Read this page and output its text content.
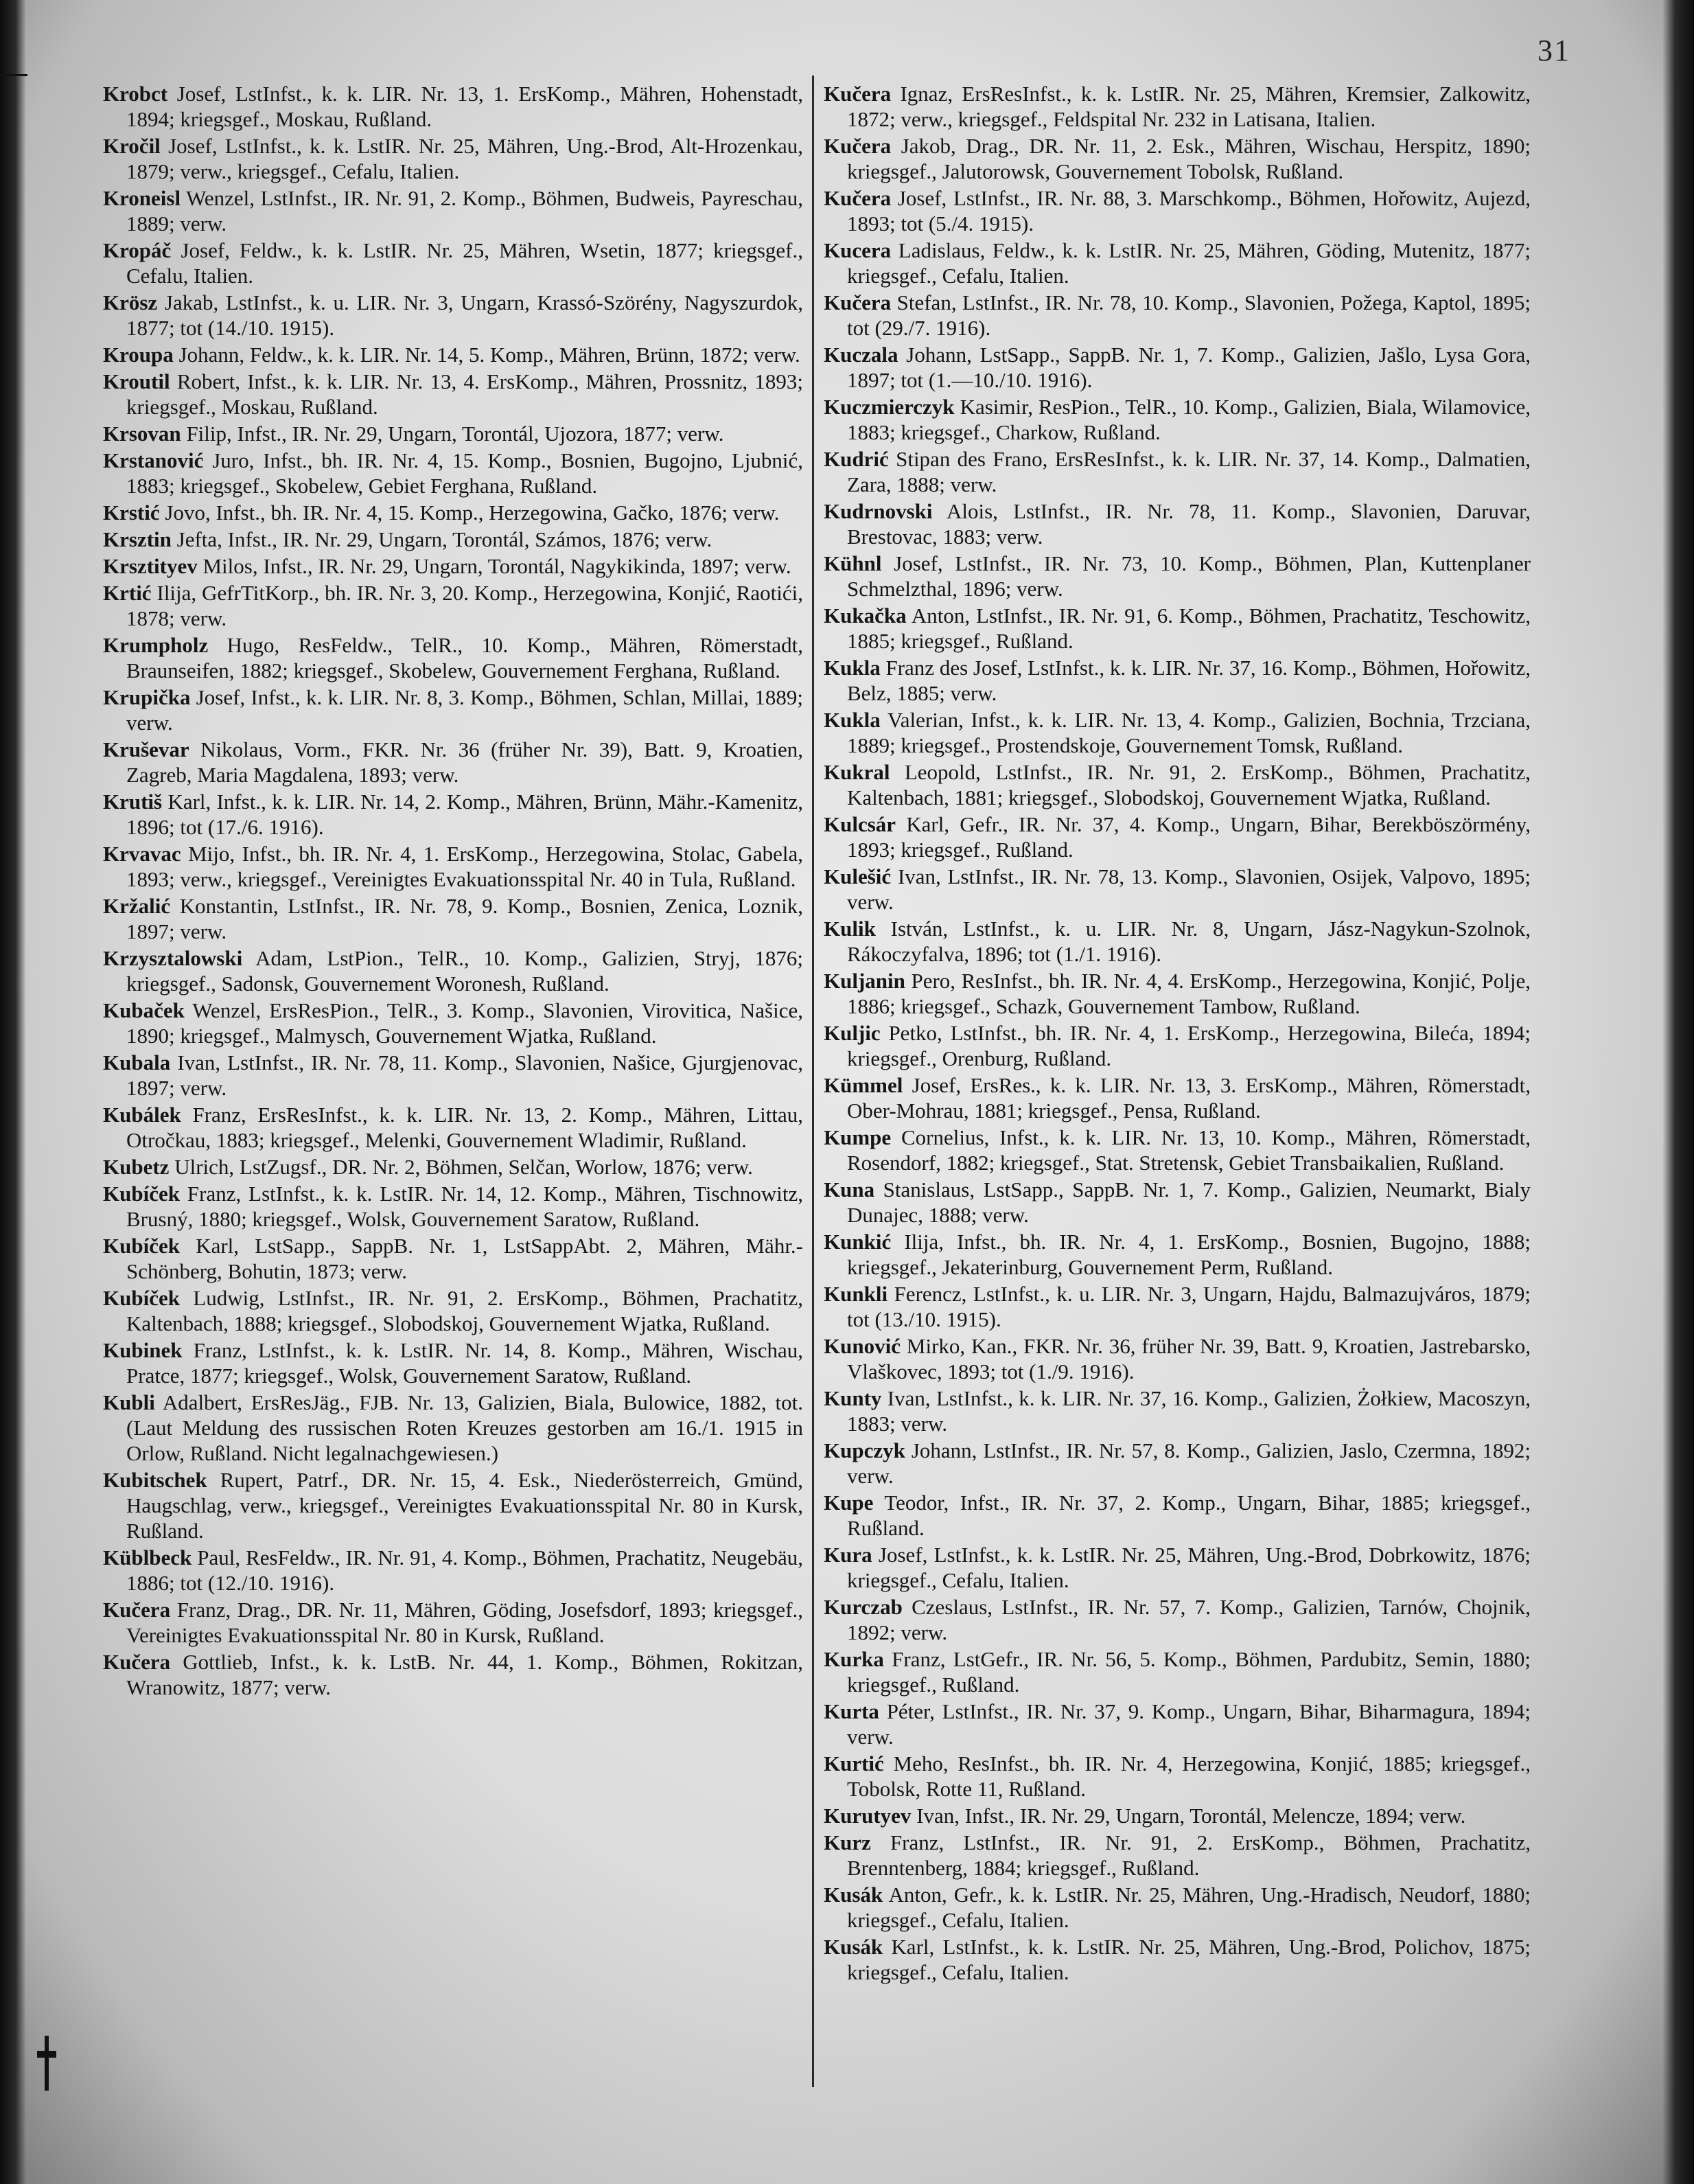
31

Krobct Josef, LstInfst., k. k. LIR. Nr. 13, 1. ErsKomp., Mähren, Hohenstadt, 1894; kriegsgef., Moskau, Rußland.

Kročil Josef, LstInfst., k. k. LstIR. Nr. 25, Mähren, Ung.-Brod, Alt-Hrozenkau, 1879; verw., kriegsgef., Cefalu, Italien.

Kroneisl Wenzel, LstInfst., IR. Nr. 91, 2. Komp., Böhmen, Budweis, Payreschau, 1889; verw.

Kropáč Josef, Feldw., k. k. LstIR. Nr. 25, Mähren, Wsetin, 1877; kriegsgef., Cefalu, Italien.

Krösz Jakab, LstInfst., k. u. LIR. Nr. 3, Ungarn, Krassó-Szörény, Nagyszurdok, 1877; tot (14./10. 1915).

Kroupa Johann, Feldw., k. k. LIR. Nr. 14, 5. Komp., Mähren, Brünn, 1872; verw.

Kroutil Robert, Infst., k. k. LIR. Nr. 13, 4. ErsKomp., Mähren, Prossnitz, 1893; kriegsgef., Moskau, Rußland.

Krsovan Filip, Infst., IR. Nr. 29, Ungarn, Torontál, Ujozora, 1877; verw.

Krstanović Juro, Infst., bh. IR. Nr. 4, 15. Komp., Bosnien, Bugojno, Ljubnić, 1883; kriegsgef., Skobelew, Gebiet Ferghana, Rußland.

Krstić Jovo, Infst., bh. IR. Nr. 4, 15. Komp., Herzegowina, Gačko, 1876; verw.

Krsztin Jefta, Infst., IR. Nr. 29, Ungarn, Torontál, Számos, 1876; verw.

Krsztityev Milos, Infst., IR. Nr. 29, Ungarn, Torontál, Nagykikinda, 1897; verw.

Krtić Ilija, GefrTitKorp., bh. IR. Nr. 3, 20. Komp., Herzegowina, Konjić, Raotići, 1878; verw.

Krumpholz Hugo, ResFeldw., TelR., 10. Komp., Mähren, Römerstadt, Braunseifen, 1882; kriegsgef., Skobelew, Gouvernement Ferghana, Rußland.

Krupička Josef, Infst., k. k. LIR. Nr. 8, 3. Komp., Böhmen, Schlan, Millai, 1889; verw.

Kruševar Nikolaus, Vorm., FKR. Nr. 36 (früher Nr. 39), Batt. 9, Kroatien, Zagreb, Maria Magdalena, 1893; verw.

Krutiš Karl, Infst., k. k. LIR. Nr. 14, 2. Komp., Mähren, Brünn, Mähr.-Kamenitz, 1896; tot (17./6. 1916).

Krvavac Mijo, Infst., bh. IR. Nr. 4, 1. ErsKomp., Herzegowina, Stolac, Gabela, 1893; verw., kriegsgef., Vereinigtes Evakuationsspital Nr. 40 in Tula, Rußland.

Kržalić Konstantin, LstInfst., IR. Nr. 78, 9. Komp., Bosnien, Zenica, Loznik, 1897; verw.

Krzysztalowski Adam, LstPion., TelR., 10. Komp., Galizien, Stryj, 1876; kriegsgef., Sadonsk, Gouvernement Woronesh, Rußland.

Kubaček Wenzel, ErsResPion., TelR., 3. Komp., Slavonien, Virovitica, Našice, 1890; kriegsgef., Malmysch, Gouvernement Wjatka, Rußland.

Kubala Ivan, LstInfst., IR. Nr. 78, 11. Komp., Slavonien, Našice, Gjurgjenovac, 1897; verw.

Kubálek Franz, ErsResInfst., k. k. LIR. Nr. 13, 2. Komp., Mähren, Littau, Otročkau, 1883; kriegsgef., Melenki, Gouvernement Wladimir, Rußland.

Kubetz Ulrich, LstZugsf., DR. Nr. 2, Böhmen, Selčan, Worlow, 1876; verw.

Kubíček Franz, LstInfst., k. k. LstIR. Nr. 14, 12. Komp., Mähren, Tischnowitz, Brusný, 1880; kriegsgef., Wolsk, Gouvernement Saratow, Rußland.

Kubíček Karl, LstSapp., SappB. Nr. 1, LstSappAbt. 2, Mähren, Mähr.-Schönberg, Bohutin, 1873; verw.

Kubíček Ludwig, LstInfst., IR. Nr. 91, 2. ErsKomp., Böhmen, Prachatitz, Kaltenbach, 1888; kriegsgef., Slobodskoj, Gouvernement Wjatka, Rußland.

Kubinek Franz, LstInfst., k. k. LstIR. Nr. 14, 8. Komp., Mähren, Wischau, Pratce, 1877; kriegsgef., Wolsk, Gouvernement Saratow, Rußland.

Kubli Adalbert, ErsResJäg., FJB. Nr. 13, Galizien, Biala, Bulowice, 1882, tot. (Laut Meldung des russischen Roten Kreuzes gestorben am 16./1. 1915 in Orlow, Rußland. Nicht legalnachgewiesen.)

Kubitschek Rupert, Patrf., DR. Nr. 15, 4. Esk., Niederösterreich, Gmünd, Haugschlag, verw., kriegsgef., Vereinigtes Evakuationsspital Nr. 80 in Kursk, Rußland.

Küblbeck Paul, ResFeldw., IR. Nr. 91, 4. Komp., Böhmen, Prachatitz, Neugebäu, 1886; tot (12./10. 1916).

Kučera Franz, Drag., DR. Nr. 11, Mähren, Göding, Josefsdorf, 1893; kriegsgef., Vereinigtes Evakuationsspital Nr. 80 in Kursk, Rußland.

Kučera Gottlieb, Infst., k. k. LstB. Nr. 44, 1. Komp., Böhmen, Rokitzan, Wranowitz, 1877; verw.

Kučera Ignaz, ErsResInfst., k. k. LstIR. Nr. 25, Mähren, Kremsier, Zalkowitz, 1872; verw., kriegsgef., Feldspital Nr. 232 in Latisana, Italien.

Kučera Jakob, Drag., DR. Nr. 11, 2. Esk., Mähren, Wischau, Herspitz, 1890; kriegsgef., Jalutorowsk, Gouvernement Tobolsk, Rußland.

Kučera Josef, LstInfst., IR. Nr. 88, 3. Marschkomp., Böhmen, Hořowitz, Aujezd, 1893; tot (5./4. 1915).

Kucera Ladislaus, Feldw., k. k. LstIR. Nr. 25, Mähren, Göding, Mutenitz, 1877; kriegsgef., Cefalu, Italien.

Kučera Stefan, LstInfst., IR. Nr. 78, 10. Komp., Slavonien, Požega, Kaptol, 1895; tot (29./7. 1916).

Kuczala Johann, LstSapp., SappB. Nr. 1, 7. Komp., Galizien, Jašlo, Lysa Gora, 1897; tot (1.—10./10. 1916).

Kuczmierczyk Kasimir, ResPion., TelR., 10. Komp., Galizien, Biala, Wilamovice, 1883; kriegsgef., Charkow, Rußland.

Kudrić Stipan des Frano, ErsResInfst., k. k. LIR. Nr. 37, 14. Komp., Dalmatien, Zara, 1888; verw.

Kudrnovski Alois, LstInfst., IR. Nr. 78, 11. Komp., Slavonien, Daruvar, Brestovac, 1883; verw.

Kühnl Josef, LstInfst., IR. Nr. 73, 10. Komp., Böhmen, Plan, Kuttenplaner Schmelzthal, 1896; verw.

Kukačka Anton, LstInfst., IR. Nr. 91, 6. Komp., Böhmen, Prachatitz, Teschowitz, 1885; kriegsgef., Rußland.

Kukla Franz des Josef, LstInfst., k. k. LIR. Nr. 37, 16. Komp., Böhmen, Hořowitz, Belz, 1885; verw.

Kukla Valerian, Infst., k. k. LIR. Nr. 13, 4. Komp., Galizien, Bochnia, Trzciana, 1889; kriegsgef., Prostendskoje, Gouvernement Tomsk, Rußland.

Kukral Leopold, LstInfst., IR. Nr. 91, 2. ErsKomp., Böhmen, Prachatitz, Kaltenbach, 1881; kriegsgef., Slobodskoj, Gouvernement Wjatka, Rußland.

Kulcsár Karl, Gefr., IR. Nr. 37, 4. Komp., Ungarn, Bihar, Berekböszörmény, 1893; kriegsgef., Rußland.

Kulešić Ivan, LstInfst., IR. Nr. 78, 13. Komp., Slavonien, Osijek, Valpovo, 1895; verw.

Kulik István, LstInfst., k. u. LIR. Nr. 8, Ungarn, Jász-Nagykun-Szolnok, Rákoczyfalva, 1896; tot (1./1. 1916).

Kuljanin Pero, ResInfst., bh. IR. Nr. 4, 4. ErsKomp., Herzegowina, Konjić, Polje, 1886; kriegsgef., Schazk, Gouvernement Tambow, Rußland.

Kuljic Petko, LstInfst., bh. IR. Nr. 4, 1. ErsKomp., Herzegowina, Bileća, 1894; kriegsgef., Orenburg, Rußland.

Kümmel Josef, ErsRes., k. k. LIR. Nr. 13, 3. ErsKomp., Mähren, Römerstadt, Ober-Mohrau, 1881; kriegsgef., Pensa, Rußland.

Kumpe Cornelius, Infst., k. k. LIR. Nr. 13, 10. Komp., Mähren, Römerstadt, Rosendorf, 1882; kriegsgef., Stat. Stretensk, Gebiet Transbaikalien, Rußland.

Kuna Stanislaus, LstSapp., SappB. Nr. 1, 7. Komp., Galizien, Neumarkt, Bialy Dunajec, 1888; verw.

Kunkić Ilija, Infst., bh. IR. Nr. 4, 1. ErsKomp., Bosnien, Bugojno, 1888; kriegsgef., Jekaterinburg, Gouvernement Perm, Rußland.

Kunkli Ferencz, LstInfst., k. u. LIR. Nr. 3, Ungarn, Hajdu, Balmazujváros, 1879; tot (13./10. 1915).

Kunović Mirko, Kan., FKR. Nr. 36, früher Nr. 39, Batt. 9, Kroatien, Jastrebarsko, Vlaškovec, 1893; tot (1./9. 1916).

Kunty Ivan, LstInfst., k. k. LIR. Nr. 37, 16. Komp., Galizien, Żołkiew, Macoszyn, 1883; verw.

Kupczyk Johann, LstInfst., IR. Nr. 57, 8. Komp., Galizien, Jaslo, Czermna, 1892; verw.

Kupe Teodor, Infst., IR. Nr. 37, 2. Komp., Ungarn, Bihar, 1885; kriegsgef., Rußland.

Kura Josef, LstInfst., k. k. LstIR. Nr. 25, Mähren, Ung.-Brod, Dobrkowitz, 1876; kriegsgef., Cefalu, Italien.

Kurczab Czeslaus, LstInfst., IR. Nr. 57, 7. Komp., Galizien, Tarnów, Chojnik, 1892; verw.

Kurka Franz, LstGefr., IR. Nr. 56, 5. Komp., Böhmen, Pardubitz, Semin, 1880; kriegsgef., Rußland.

Kurta Péter, LstInfst., IR. Nr. 37, 9. Komp., Ungarn, Bihar, Biharmagura, 1894; verw.

Kurtić Meho, ResInfst., bh. IR. Nr. 4, Herzegowina, Konjić, 1885; kriegsgef., Tobolsk, Rotte 11, Rußland.

Kurutyev Ivan, Infst., IR. Nr. 29, Ungarn, Torontál, Melencze, 1894; verw.

Kurz Franz, LstInfst., IR. Nr. 91, 2. ErsKomp., Böhmen, Prachatitz, Brenntenberg, 1884; kriegsgef., Rußland.

Kusák Anton, Gefr., k. k. LstIR. Nr. 25, Mähren, Ung.-Hradisch, Neudorf, 1880; kriegsgef., Cefalu, Italien.

Kusák Karl, LstInfst., k. k. LstIR. Nr. 25, Mähren, Ung.-Brod, Polichov, 1875; kriegsgef., Cefalu, Italien.
